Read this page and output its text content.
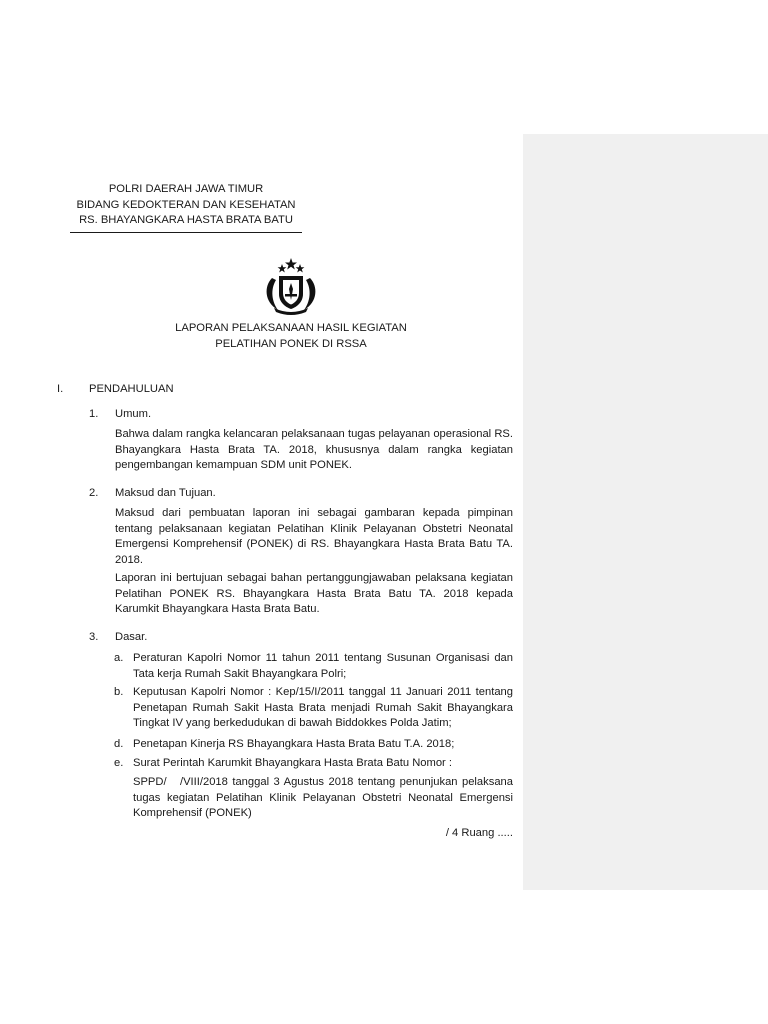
POLRI DAERAH JAWA TIMUR
BIDANG KEDOKTERAN DAN KESEHATAN
RS. BHAYANGKARA HASTA BRATA BATU
LAPORAN PELAKSANAAN HASIL KEGIATAN
PELATIHAN PONEK DI RSSA
I. PENDAHULUAN
1. Umum.
Bahwa dalam rangka kelancaran pelaksanaan tugas pelayanan operasional RS. Bhayangkara Hasta Brata TA. 2018, khususnya dalam rangka kegiatan pengembangan kemampuan SDM unit PONEK.
2. Maksud dan Tujuan.
Maksud dari pembuatan laporan ini sebagai gambaran kepada pimpinan tentang pelaksanaan kegiatan Pelatihan Klinik Pelayanan Obstetri Neonatal Emergensi Komprehensif (PONEK) di RS. Bhayangkara Hasta Brata Batu TA. 2018.
Laporan ini bertujuan sebagai bahan pertanggungjawaban pelaksana kegiatan Pelatihan PONEK RS. Bhayangkara Hasta Brata Batu TA. 2018 kepada Karumkit Bhayangkara Hasta Brata Batu.
3. Dasar.
a. Peraturan Kapolri Nomor 11 tahun 2011 tentang Susunan Organisasi dan Tata kerja Rumah Sakit Bhayangkara Polri;
b. Keputusan Kapolri Nomor : Kep/15/I/2011 tanggal 11 Januari 2011 tentang Penetapan Rumah Sakit Hasta Brata menjadi Rumah Sakit Bhayangkara Tingkat IV yang berkedudukan di bawah Biddokkes Polda Jatim;
d. Penetapan Kinerja RS Bhayangkara Hasta Brata Batu T.A. 2018;
e. Surat Perintah Karumkit Bhayangkara Hasta Brata Batu Nomor :
SPPD/   /VIII/2018 tanggal 3 Agustus 2018 tentang penunjukan pelaksana tugas kegiatan Pelatihan Klinik Pelayanan Obstetri Neonatal Emergensi Komprehensif (PONEK)
/ 4 Ruang .....
